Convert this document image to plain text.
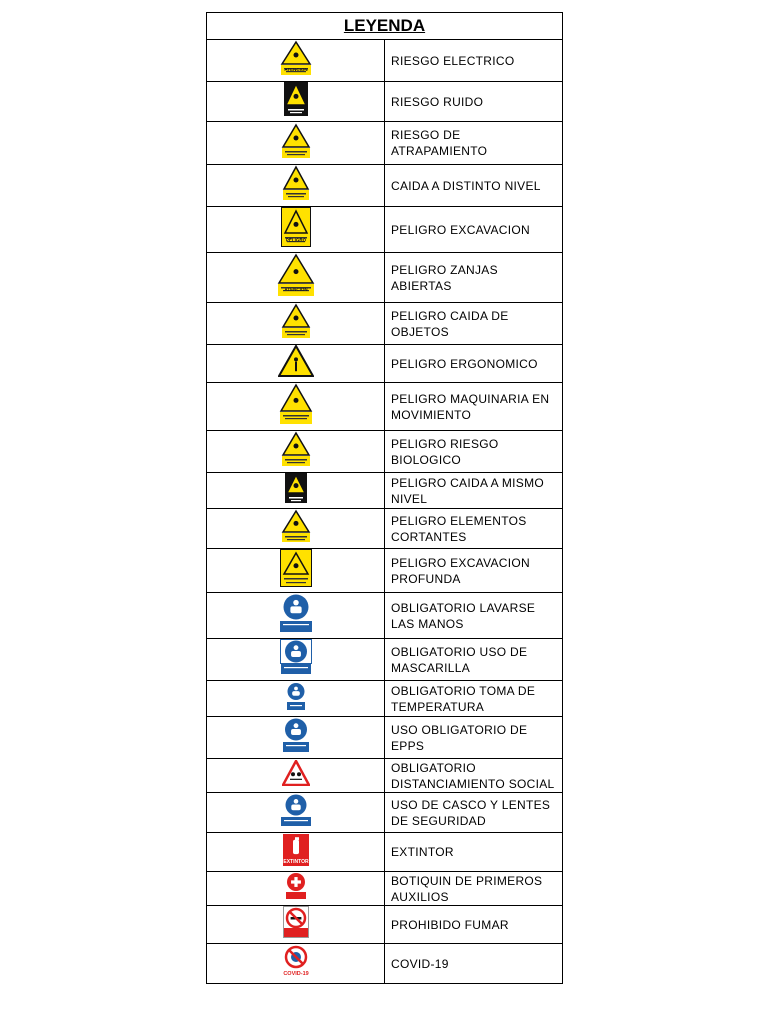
LEYENDA	

ATENCION	RIESGO ELECTRICO

	RIESGO RUIDO

	RIESGO DE ATRAPAMIENTO

	CAIDA A DISTINTO NIVEL

PELIGRO	PELIGRO EXCAVACION

ATENCION	PELIGRO ZANJAS ABIERTAS

	PELIGRO CAIDA DE OBJETOS

	PELIGRO ERGONOMICO

	PELIGRO MAQUINARIA EN MOVIMIENTO

	PELIGRO RIESGO BIOLOGICO

	PELIGRO CAIDA A MISMO NIVEL

	PELIGRO ELEMENTOS CORTANTES

	PELIGRO EXCAVACION PROFUNDA

	OBLIGATORIO LAVARSE LAS MANOS

	OBLIGATORIO USO DE MASCARILLA

	OBLIGATORIO TOMA DE TEMPERATURA

	USO OBLIGATORIO DE EPPS

	OBLIGATORIO DISTANCIAMIENTO SOCIAL

	USO DE CASCO Y LENTES DE SEGURIDAD

EXTINTOR	EXTINTOR

	BOTIQUIN DE PRIMEROS AUXILIOS

	PROHIBIDO FUMAR

COVID-19	COVID-19
